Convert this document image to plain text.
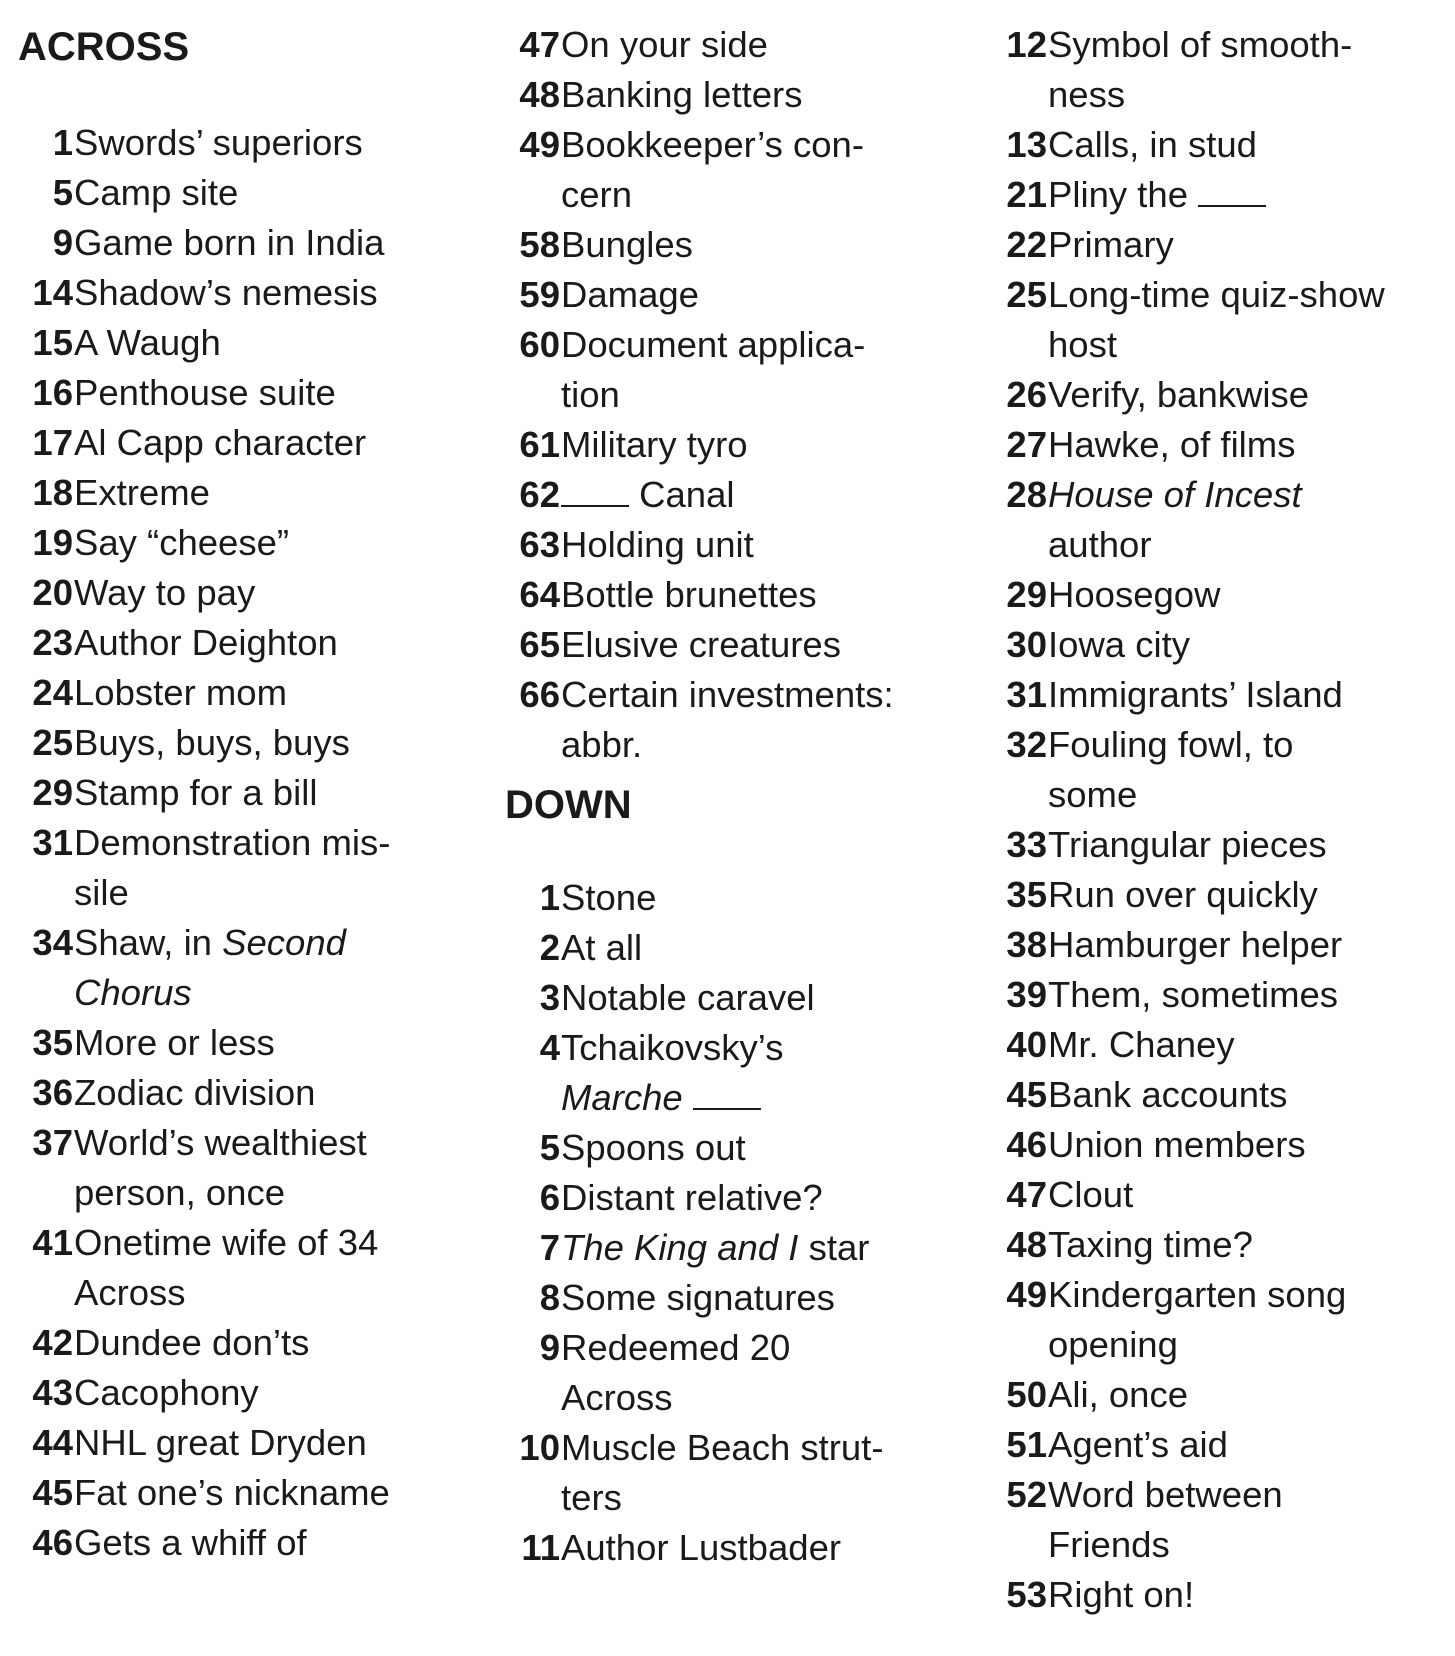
ACROSS
1 Swords’ superiors
5 Camp site
9 Game born in India
14 Shadow’s nemesis
15 A Waugh
16 Penthouse suite
17 Al Capp character
18 Extreme
19 Say “cheese”
20 Way to pay
23 Author Deighton
24 Lobster mom
25 Buys, buys, buys
29 Stamp for a bill
31 Demonstration mis-
sile
34 Shaw, in Second
Chorus
35 More or less
36 Zodiac division
37 World’s wealthiest
person, once
41 Onetime wife of 34
Across
42 Dundee don’ts
43 Cacophony
44 NHL great Dryden
45 Fat one’s nickname
46 Gets a whiff of
47 On your side
48 Banking letters
49 Bookkeeper’s con-
cern
58 Bungles
59 Damage
60 Document applica-
tion
61 Military tyro
62	Canal
63 Holding unit
64 Bottle brunettes
65 Elusive creatures
66 Certain investments:
abbr.
DOWN
1 Stone
2 At all
3 Notable caravel
4 Tchaikovsky’s
Marche
5 Spoons out
6 Distant relative?
7 The King and I star
8 Some signatures
9 Redeemed 20
Across
10 Muscle Beach strut-
ters
11 Author Lustbader
12 Symbol of smooth-
ness
13 Calls, in stud
21 Pliny the
22 Primary
25 Long-time quiz-show
host
26 Verify, bankwise
27 Hawke, of films
28 House of Incest
author
29 Hoosegow
30 Iowa city
31 Immigrants’ Island
32 Fouling fowl, to
some
33 Triangular pieces
35 Run over quickly
38 Hamburger helper
39 Them, sometimes
40 Mr. Chaney
45 Bank accounts
46 Union members
47 Clout
48 Taxing time?
49 Kindergarten song
opening
50 Ali, once
51 Agent’s aid
52 Word between
Friends
53 Right on!
